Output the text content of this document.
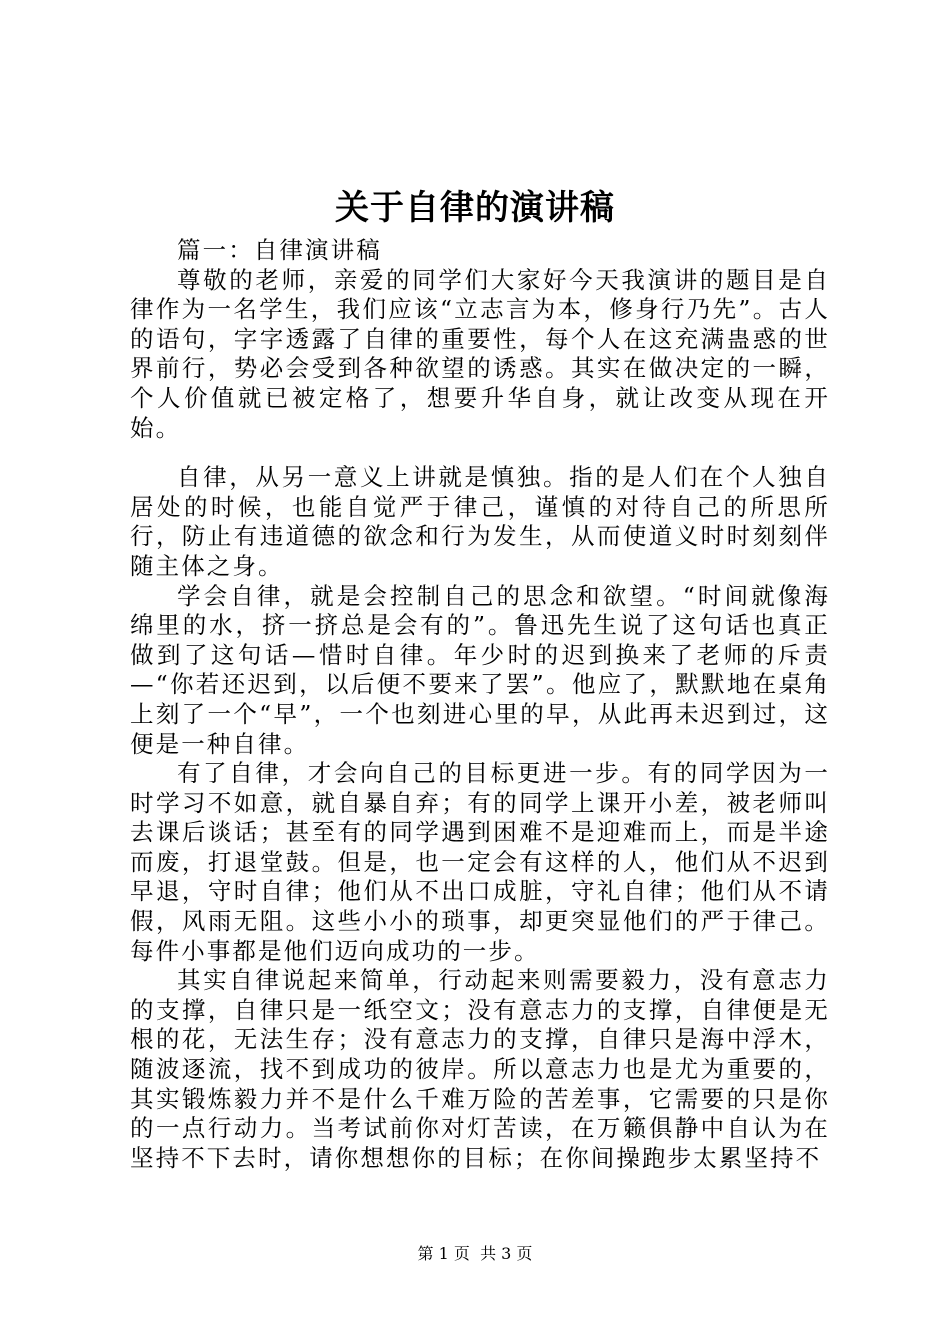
关于自律的演讲稿

篇一：自律演讲稿

尊敬的老师，亲爱的同学们大家好今天我演讲的题目是自律作为一名学生，我们应该“立志言为本，修身行乃先”。古人的语句，字字透露了自律的重要性，每个人在这充满蛊惑的世界前行，势必会受到各种欲望的诱惑。其实在做决定的一瞬，个人价值就已被定格了，想要升华自身，就让改变从现在开始。

自律，从另一意义上讲就是慎独。指的是人们在个人独自居处的时候，也能自觉严于律己，谨慎的对待自己的所思所行，防止有违道德的欲念和行为发生，从而使道义时时刻刻伴随主体之身。

学会自律，就是会控制自己的思念和欲望。“时间就像海绵里的水，挤一挤总是会有的”。鲁迅先生说了这句话也真正做到了这句话—惜时自律。年少时的迟到换来了老师的斥责—“你若还迟到，以后便不要来了罢”。他应了，默默地在桌角上刻了一个“早”，一个也刻进心里的早，从此再未迟到过，这便是一种自律。

有了自律，才会向自己的目标更进一步。有的同学因为一时学习不如意，就自暴自弃；有的同学上课开小差，被老师叫去课后谈话；甚至有的同学遇到困难不是迎难而上，而是半途而废，打退堂鼓。但是，也一定会有这样的人，他们从不迟到早退，守时自律；他们从不出口成脏，守礼自律；他们从不请假，风雨无阻。这些小小的琐事，却更突显他们的严于律己。每件小事都是他们迈向成功的一步。

其实自律说起来简单，行动起来则需要毅力，没有意志力的支撑，自律只是一纸空文；没有意志力的支撑，自律便是无根的花，无法生存；没有意志力的支撑，自律只是海中浮木，随波逐流，找不到成功的彼岸。所以意志力也是尤为重要的，其实锻炼毅力并不是什么千难万险的苦差事，它需要的只是你的一点行动力。当考试前你对灯苦读，在万籁俱静中自认为在坚持不下去时，请你想想你的目标；在你间操跑步太累坚持不

第 1 页  共 3 页
